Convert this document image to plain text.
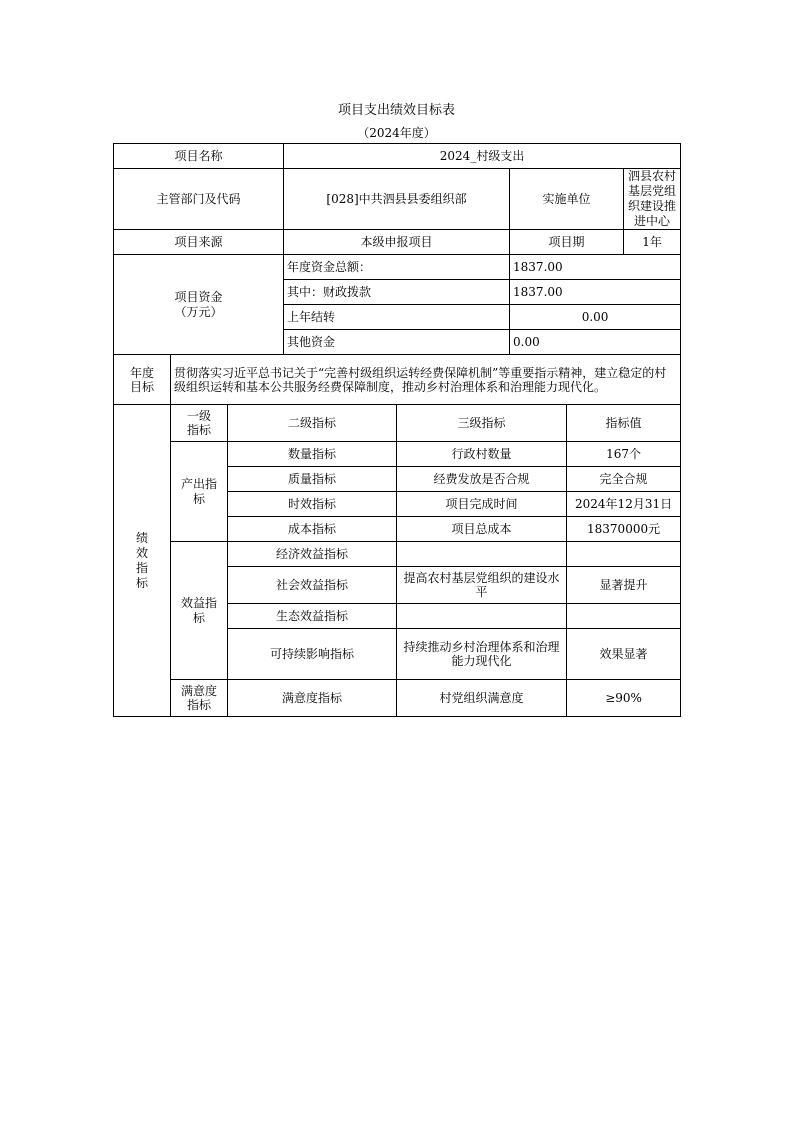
项目支出绩效目标表
（2024年度）
项目名称			2024_村级支出				
主管部门及代码			[028]中共泗县县委组织部		实施单位		泗县农村基层党组织建设推进中心
项目来源			本级申报项目		项目期		1年
项目资金
（万元）			年度资金总额：		1837.00		
			其中：财政拨款		1837.00		
			上年结转		0.00		
			其他资金		0.00		
年度目标	贯彻落实习近平总书记关于“完善村级组织运转经费保障机制”等重要指示精神，建立稳定的村级组织运转和基本公共服务经费保障制度，推动乡村治理体系和治理能力现代化。						
绩效指标	一级指标	二级指标		三级指标		指标值	
	产出指标	数量指标		行政村数量		167个	
		质量指标		经费发放是否合规		完全合规	
		时效指标		项目完成时间		2024年12月31日	
		成本指标		项目总成本		18370000元	
	效益指标	经济效益指标					
		社会效益指标		提高农村基层党组织的建设水平		显著提升	
		生态效益指标					
		可持续影响指标		持续推动乡村治理体系和治理能力现代化		效果显著	
	满意度指标	满意度指标		村党组织满意度		≥90%	
